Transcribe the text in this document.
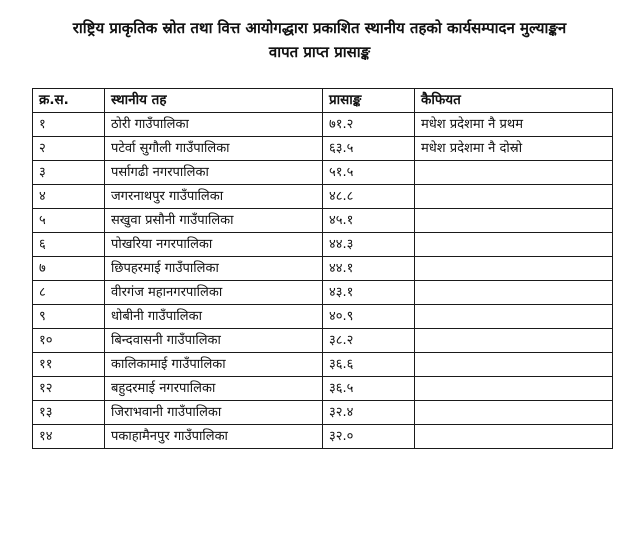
राष्ट्रिय प्राकृतिक स्रोत तथा वित्त आयोगद्धारा प्रकाशित स्थानीय तहको कार्यसम्पादन मुल्याङ्कन
वापत प्राप्त प्रासाङ्क
क्र.स.	स्थानीय तह	प्रासाङ्क	कैफियत
१	ठोरी गाउँपालिका	७१.२	मधेश प्रदेशमा नै प्रथम
२	पटेर्वा सुगौली गाउँपालिका	६३.५	मधेश प्रदेशमा नै दोस्रो
३	पर्सागढी नगरपालिका	५१.५	
४	जगरनाथपुर गाउँपालिका	४८.८	
५	सखुवा प्रसौनी गाउँपालिका	४५.१	
६	पोखरिया नगरपालिका	४४.३	
७	छिपहरमाई गाउँपालिका	४४.१	
८	वीरगंज महानगरपालिका	४३.१	
९	धोबीनी गाउँपालिका	४०.९	
१०	बिन्दवासनी गाउँपालिका	३८.२	
११	कालिकामाई गाउँपालिका	३६.६	
१२	बहुदरमाई नगरपालिका	३६.५	
१३	जिराभवानी गाउँपालिका	३२.४	
१४	पकाहामैनपुर गाउँपालिका	३२.०	
